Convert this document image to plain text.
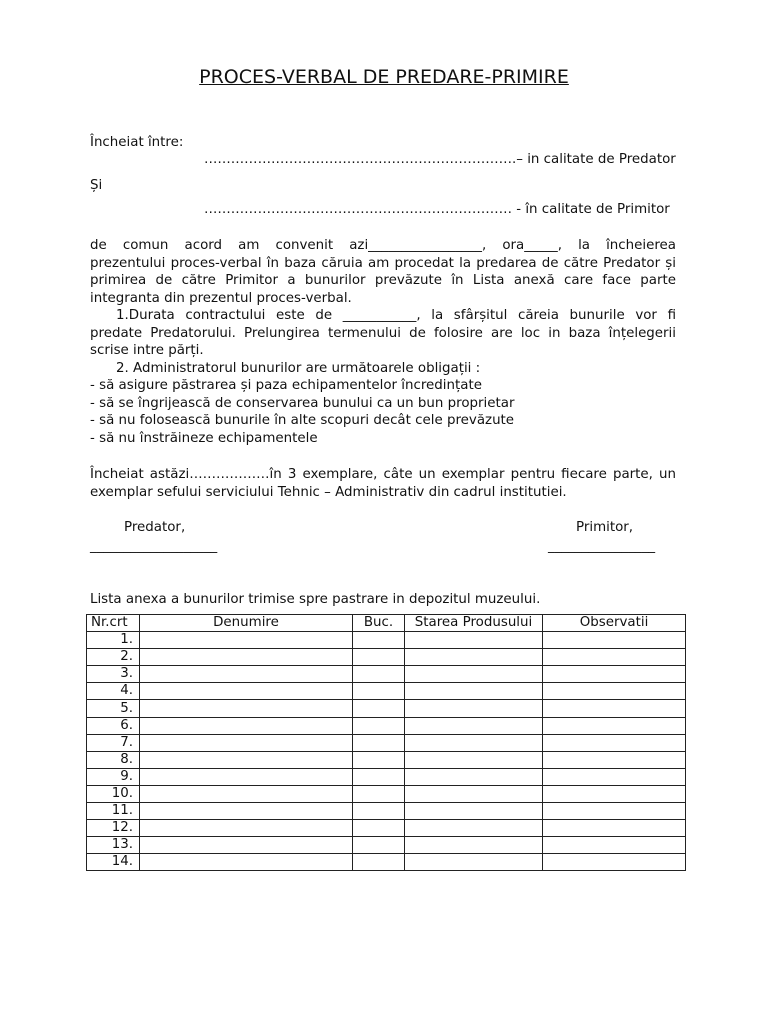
PROCES-VERBAL DE PREDARE-PRIMIRE
Încheiat între:
…………………………………………………………….– in calitate de Predator
Și
…………………………………………………………… - în calitate de Primitor

de comun acord am convenit azi_________________, ora_____, la încheierea

prezentului proces-verbal în baza căruia am procedat la predarea de către Predator și

primirea de către Primitor a bunurilor prevăzute în Lista anexă care face parte

integranta din prezentul proces-verbal.

1.Durata contractului este de ___________, la sfârșitul căreia bunurile vor fi

predate Predatorului. Prelungirea termenului de folosire are loc in baza înțelegerii

scrise intre părți.

2. Administratorul bunurilor are următoarele obligații :

- să asigure păstrarea și paza echipamentelor încredințate

- să se îngrijească de conservarea bunului ca un bun proprietar

- să nu folosească bunurile în alte scopuri decât cele prevăzute

- să nu înstrăineze echipamentele

Încheiat astăzi………………în 3 exemplare, câte un exemplar pentru fiecare parte, un

exemplar sefului serviciului Tehnic – Administrativ din cadrul institutiei.

Predator,
___________________
Primitor,
________________
Lista anexa a bunurilor trimise spre pastrare in depozitul muzeului.
Nr.crt	Denumire	Buc.	Starea Produsului	Observatii
1.				
2.				
3.				
4.				
5.				
6.				
7.				
8.				
9.				
10.				
11.				
12.				
13.				
14.				
